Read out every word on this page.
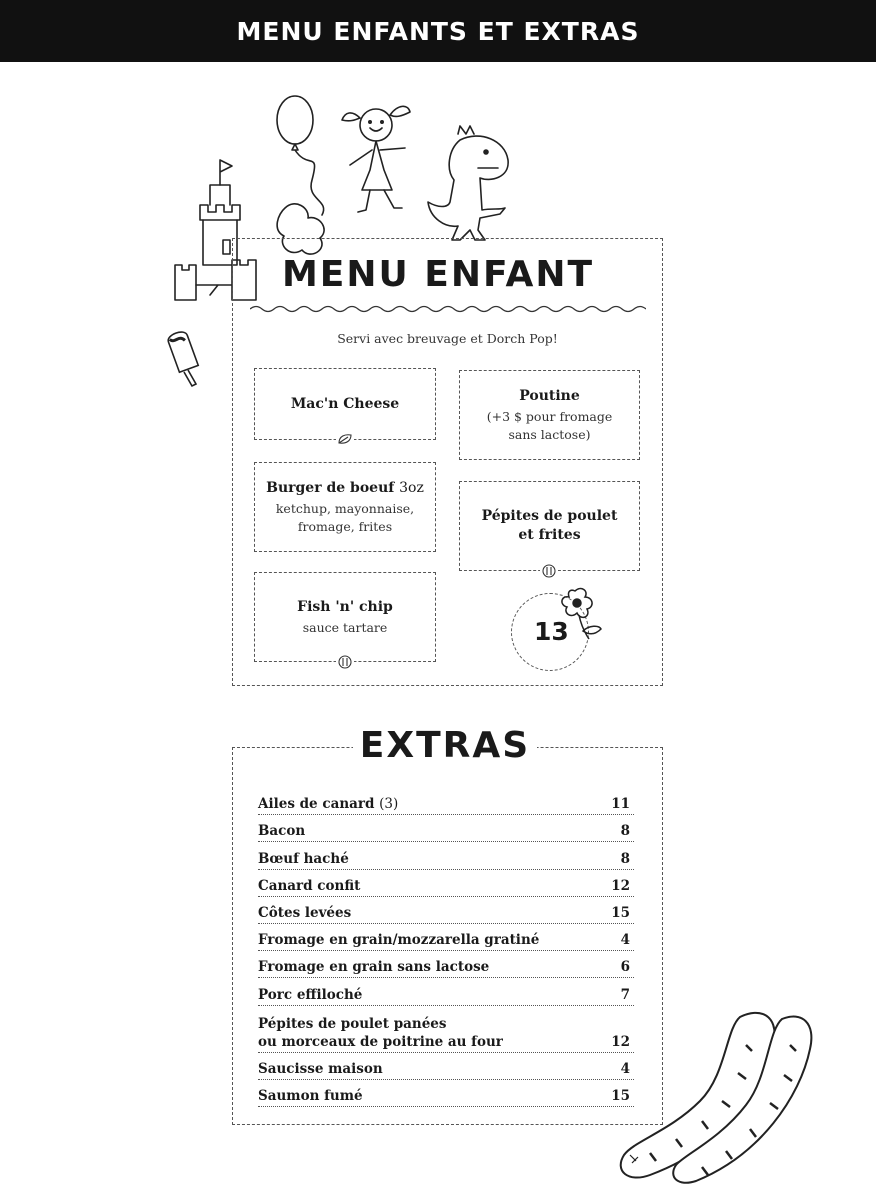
MENU ENFANTS ET EXTRAS
MENU ENFANT
Servi avec breuvage et Dorch Pop!
Mac'n Cheese	Poutine
(+3 $ pour fromage
sans lactose)
Burger de boeuf 3oz
ketchup, mayonnaise,
fromage, frites
Pépites de poulet
et frites
Fish 'n' chip
sauce tartare	13
EXTRAS
Ailes de canard (3)	11
Bacon	8
Bœuf haché	8
Canard confit	12
Côtes levées	15
Fromage en grain/mozzarella gratiné	4
Fromage en grain sans lactose	6
Porc effiloché	7
Pépites de poulet panées
ou morceaux de poitrine au four	12
Saucisse maison	4
Saumon fumé	15
